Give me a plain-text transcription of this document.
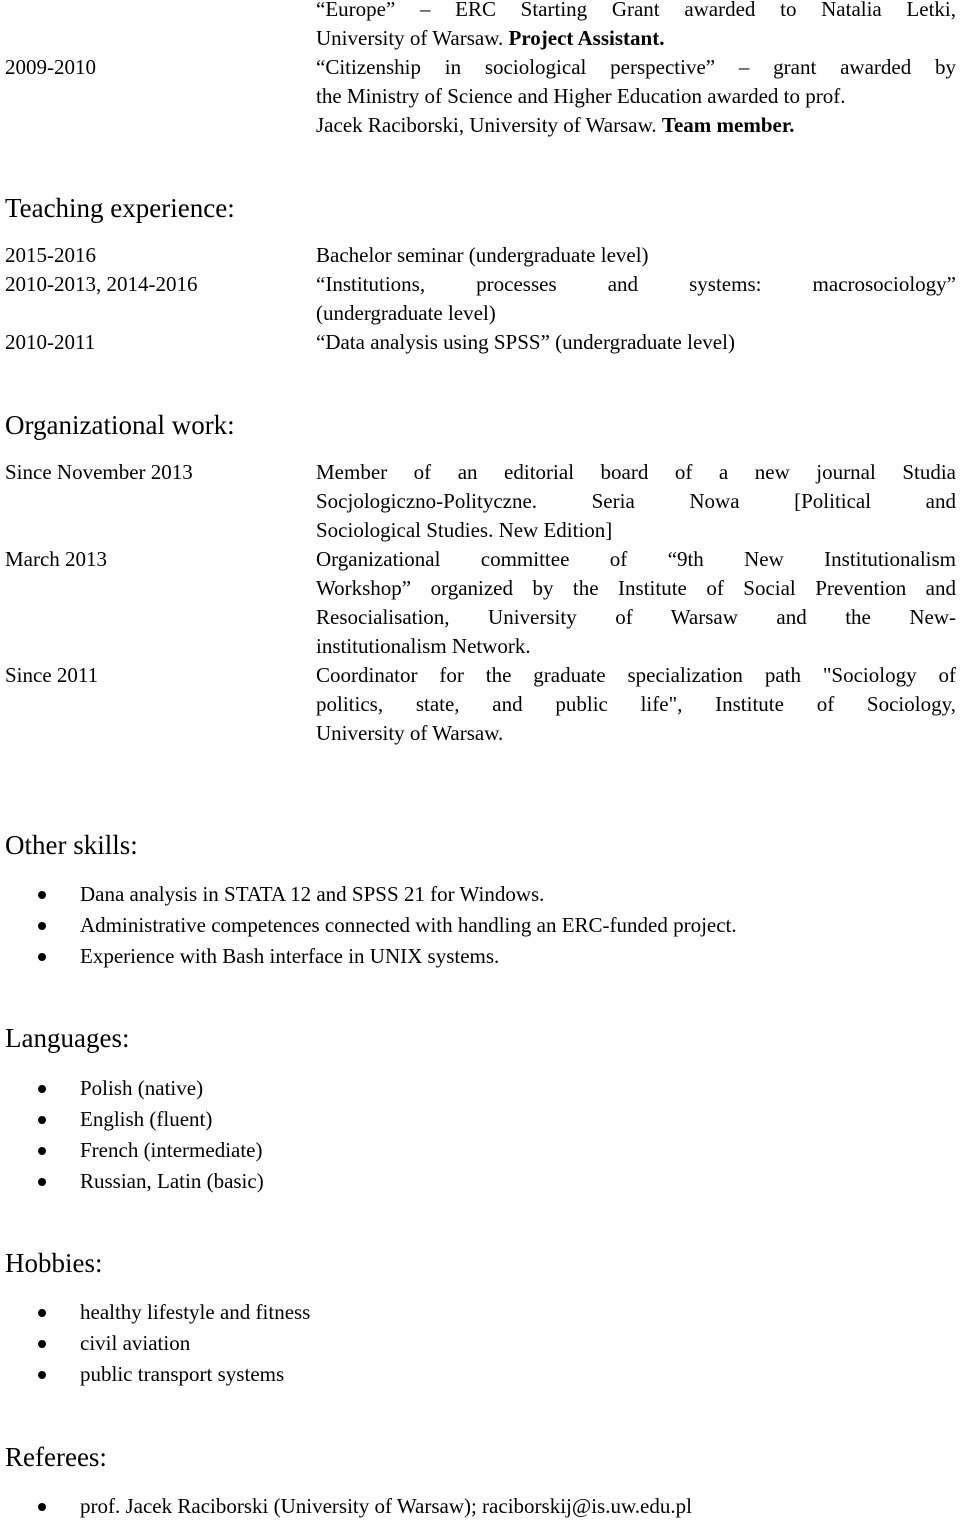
“Europe” – ERC Starting Grant awarded to Natalia Letki,
University of Warsaw. Project Assistant.
2009-2010	“Citizenship in sociological perspective” – grant awarded by
the Ministry of Science and Higher Education awarded to prof.
Jacek Raciborski, University of Warsaw. Team member.
Teaching experience:
2015-2016	Bachelor seminar (undergraduate level)
2010-2013, 2014-2016	“Institutions, processes and systems: macrosociology”
(undergraduate level)
2010-2011	“Data analysis using SPSS” (undergraduate level)
Organizational work:
Since November 2013	Member of an editorial board of a new journal Studia
Socjologiczno-Polityczne. Seria Nowa [Political and
Sociological Studies. New Edition]
March 2013	Organizational committee of “9th New Institutionalism
Workshop” organized by the Institute of Social Prevention and
Resocialisation, University of Warsaw and the New-
institutionalism Network.
Since 2011	Coordinator for the graduate specialization path "Sociology of
politics, state, and public life", Institute of Sociology,
University of Warsaw.
Other skills:
Dana analysis in STATA 12 and SPSS 21 for Windows.
Administrative competences connected with handling an ERC-funded project.
Experience with Bash interface in UNIX systems.
Languages:
Polish (native)
English (fluent)
French (intermediate)
Russian, Latin (basic)
Hobbies:
healthy lifestyle and fitness
civil aviation
public transport systems
Referees:
prof. Jacek Raciborski (University of Warsaw); raciborskij@is.uw.edu.pl
